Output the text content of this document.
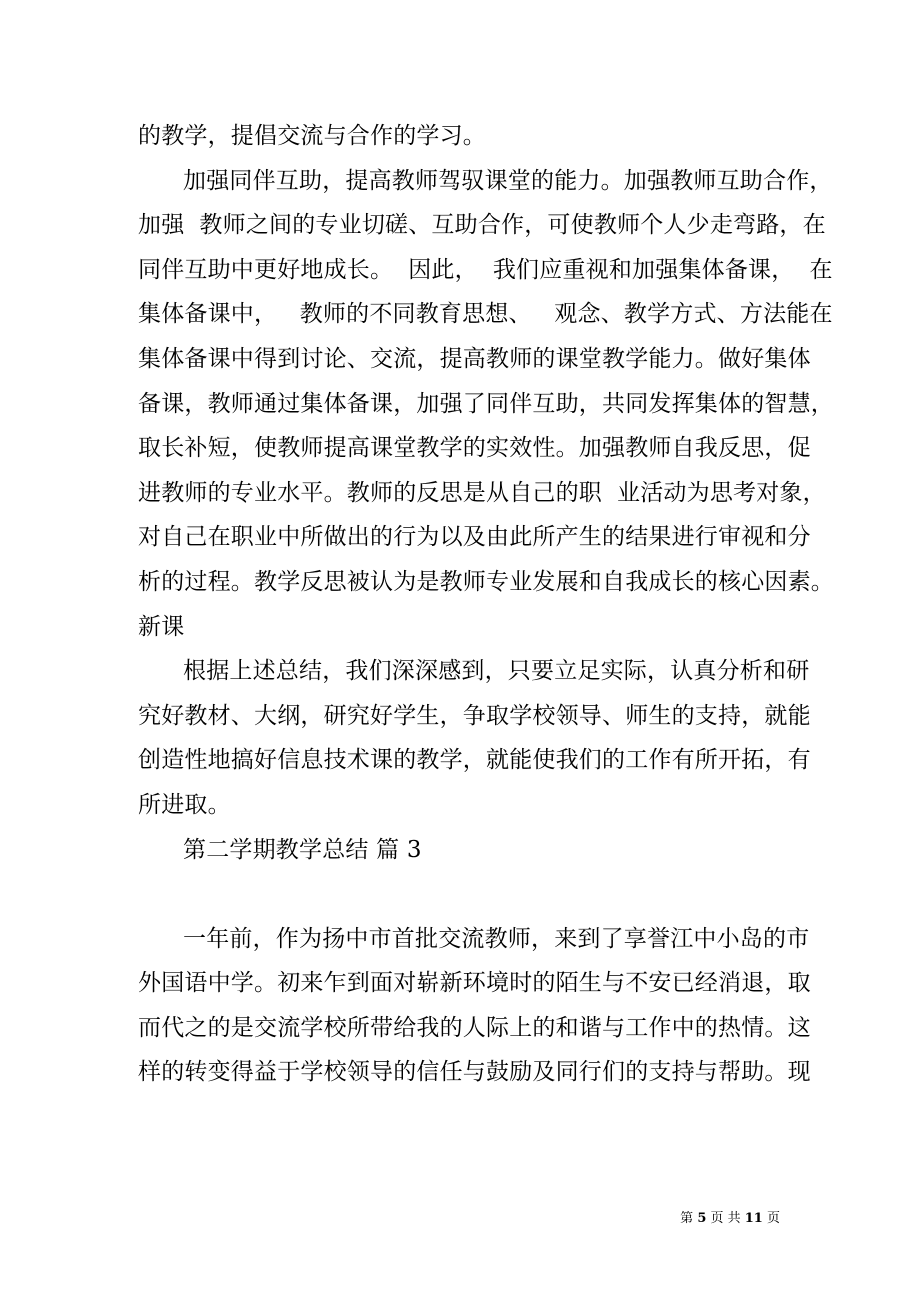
的教学，提倡交流与合作的学习。
加强同伴互助，提高教师驾驭课堂的能力。加强教师互助合作，
加强  教师之间的专业切磋、互助合作，可使教师个人少走弯路，在
同伴互助中更好地成长。  因此，  我们应重视和加强集体备课，  在
集体备课中，   教师的不同教育思想、   观念、教学方式、方法能在
集体备课中得到讨论、交流，提高教师的课堂教学能力。做好集体
备课，教师通过集体备课，加强了同伴互助，共同发挥集体的智慧，
取长补短，使教师提高课堂教学的实效性。加强教师自我反思，促
进教师的专业水平。教师的反思是从自己的职  业活动为思考对象，
对自己在职业中所做出的行为以及由此所产生的结果进行审视和分
析的过程。教学反思被认为是教师专业发展和自我成长的核心因素。
新课
根据上述总结，我们深深感到，只要立足实际，认真分析和研
究好教材、大纲，研究好学生，争取学校领导、师生的支持，就能
创造性地搞好信息技术课的教学，就能使我们的工作有所开拓，有
所进取。
第二学期教学总结 篇 3
一年前，作为扬中市首批交流教师，来到了享誉江中小岛的市
外国语中学。初来乍到面对崭新环境时的陌生与不安已经消退，取
而代之的是交流学校所带给我的人际上的和谐与工作中的热情。这
样的转变得益于学校领导的信任与鼓励及同行们的支持与帮助。现
第 5 页 共 11 页
